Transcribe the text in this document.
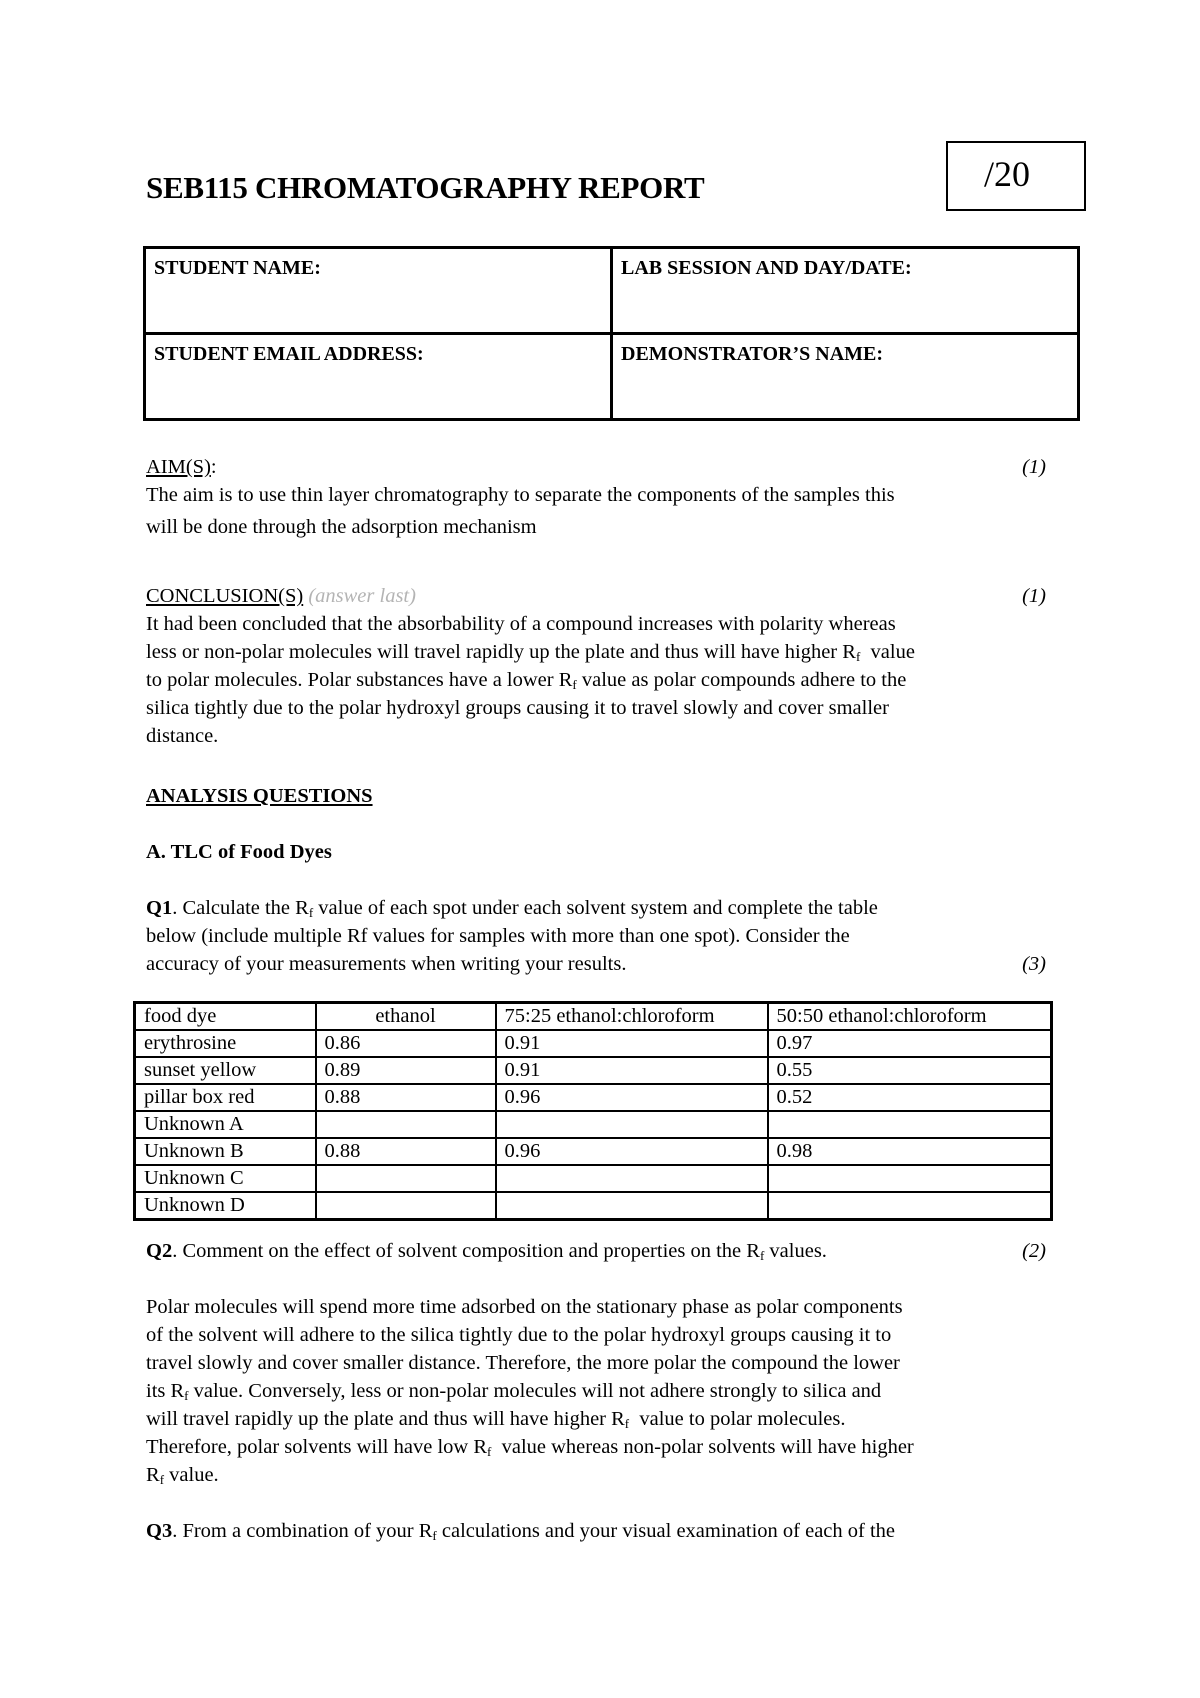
SEB115 CHROMATOGRAPHY REPORT	/20
STUDENT NAME:	LAB SESSION AND DAY/DATE:
STUDENT EMAIL ADDRESS:	DEMONSTRATOR’S NAME:
AIM(S):	(1)
The aim is to use thin layer chromatography to separate the components of the samples this
will be done through the adsorption mechanism
CONCLUSION(S) (answer last)	(1)
It had been concluded that the absorbability of a compound increases with polarity whereas
less or non-polar molecules will travel rapidly up the plate and thus will have higher $R_f$ value
to polar molecules. Polar substances have a lower $R_f$ value as polar compounds adhere to the
silica tightly due to the polar hydroxyl groups causing it to travel slowly and cover smaller
distance.
ANALYSIS QUESTIONS
A. TLC of Food Dyes
Q1. Calculate the $R_f$ value of each spot under each solvent system and complete the table
below (include multiple Rf values for samples with more than one spot). Consider the
accuracy of your measurements when writing your results.	(3)
food dye	ethanol	75:25 ethanol:chloroform	50:50 ethanol:chloroform
erythrosine	0.86	0.91	0.97
sunset yellow	0.89	0.91	0.55
pillar box red	0.88	0.96	0.52
Unknown A			
Unknown B	0.88	0.96	0.98
Unknown C			
Unknown D			
Q2. Comment on the effect of solvent composition and properties on the $R_f$ values.	(2)
Polar molecules will spend more time adsorbed on the stationary phase as polar components
of the solvent will adhere to the silica tightly due to the polar hydroxyl groups causing it to
travel slowly and cover smaller distance. Therefore, the more polar the compound the lower
its $R_f$ value. Conversely, less or non-polar molecules will not adhere strongly to silica and
will travel rapidly up the plate and thus will have higher $R_f$ value to polar molecules.
Therefore, polar solvents will have low $R_f$ value whereas non-polar solvents will have higher
$R_f$ value.
Q3. From a combination of your $R_f$ calculations and your visual examination of each of the
